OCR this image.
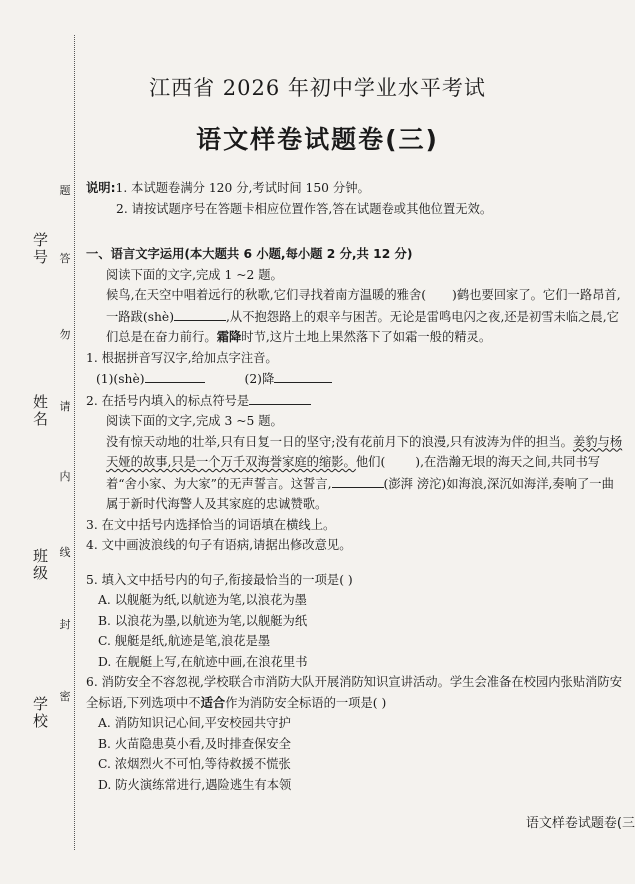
学号
姓名
班级
学校
题
答
勿
请
内
线
封
密
江西省 2026 年初中学业水平考试
语文样卷试题卷(三)

说明:1. 本试题卷满分 120 分,考试时间 150 分钟。

2. 请按试题序号在答题卡相应位置作答,答在试题卷或其他位置无效。

一、语言文字运用(本大题共 6 小题,每小题 2 分,共 12 分)

阅读下面的文字,完成 1 ~2 题。

候鸟,在天空中唱着远行的秋歌,它们寻找着南方温暖的雅舍( )鹤也要回家了。它们一路昂首,一路跋(shè)	,从不抱怨路上的艰辛与困苦。无论是雷鸣电闪之夜,还是初雪未临之晨,它们总是在奋力前行。霜降时节,这片土地上果然落下了如霜一般的精灵。

1. 根据拼音写汉字,给加点字注音。

(1)(shè)	(2)降

2. 在括号内填入的标点符号是

阅读下面的文字,完成 3 ~5 题。

没有惊天动地的壮举,只有日复一日的坚守;没有花前月下的浪漫,只有波涛为伴的担当。姜豹与杨天娅的故事,只是一个万千双海誉家庭的缩影。他们( ),在浩瀚无垠的海天之间,共同书写着“舍小家、为大家”的无声誓言。这誓言,	(澎湃 滂沱)如海浪,深沉如海洋,奏响了一曲属于新时代海警人及其家庭的忠诚赞歌。

3. 在文中括号内选择恰当的词语填在横线上。

4. 文中画波浪线的句子有语病,请据出修改意见。

5. 填入文中括号内的句子,衔接最恰当的一项是( )

A. 以舰艇为纸,以航迹为笔,以浪花为墨

B. 以浪花为墨,以航迹为笔,以舰艇为纸

C. 舰艇是纸,航迹是笔,浪花是墨

D. 在舰艇上写,在航迹中画,在浪花里书

6. 消防安全不容忽视,学校联合市消防大队开展消防知识宣讲活动。学生会准备在校园内张贴消防安全标语,下列选项中不适合作为消防安全标语的一项是( )

A. 消防知识记心间,平安校园共守护

B. 火苗隐患莫小看,及时排查保安全

C. 浓烟烈火不可怕,等待救援不慌张

D. 防火演练常进行,遇险逃生有本领

语文样卷试题卷(三
